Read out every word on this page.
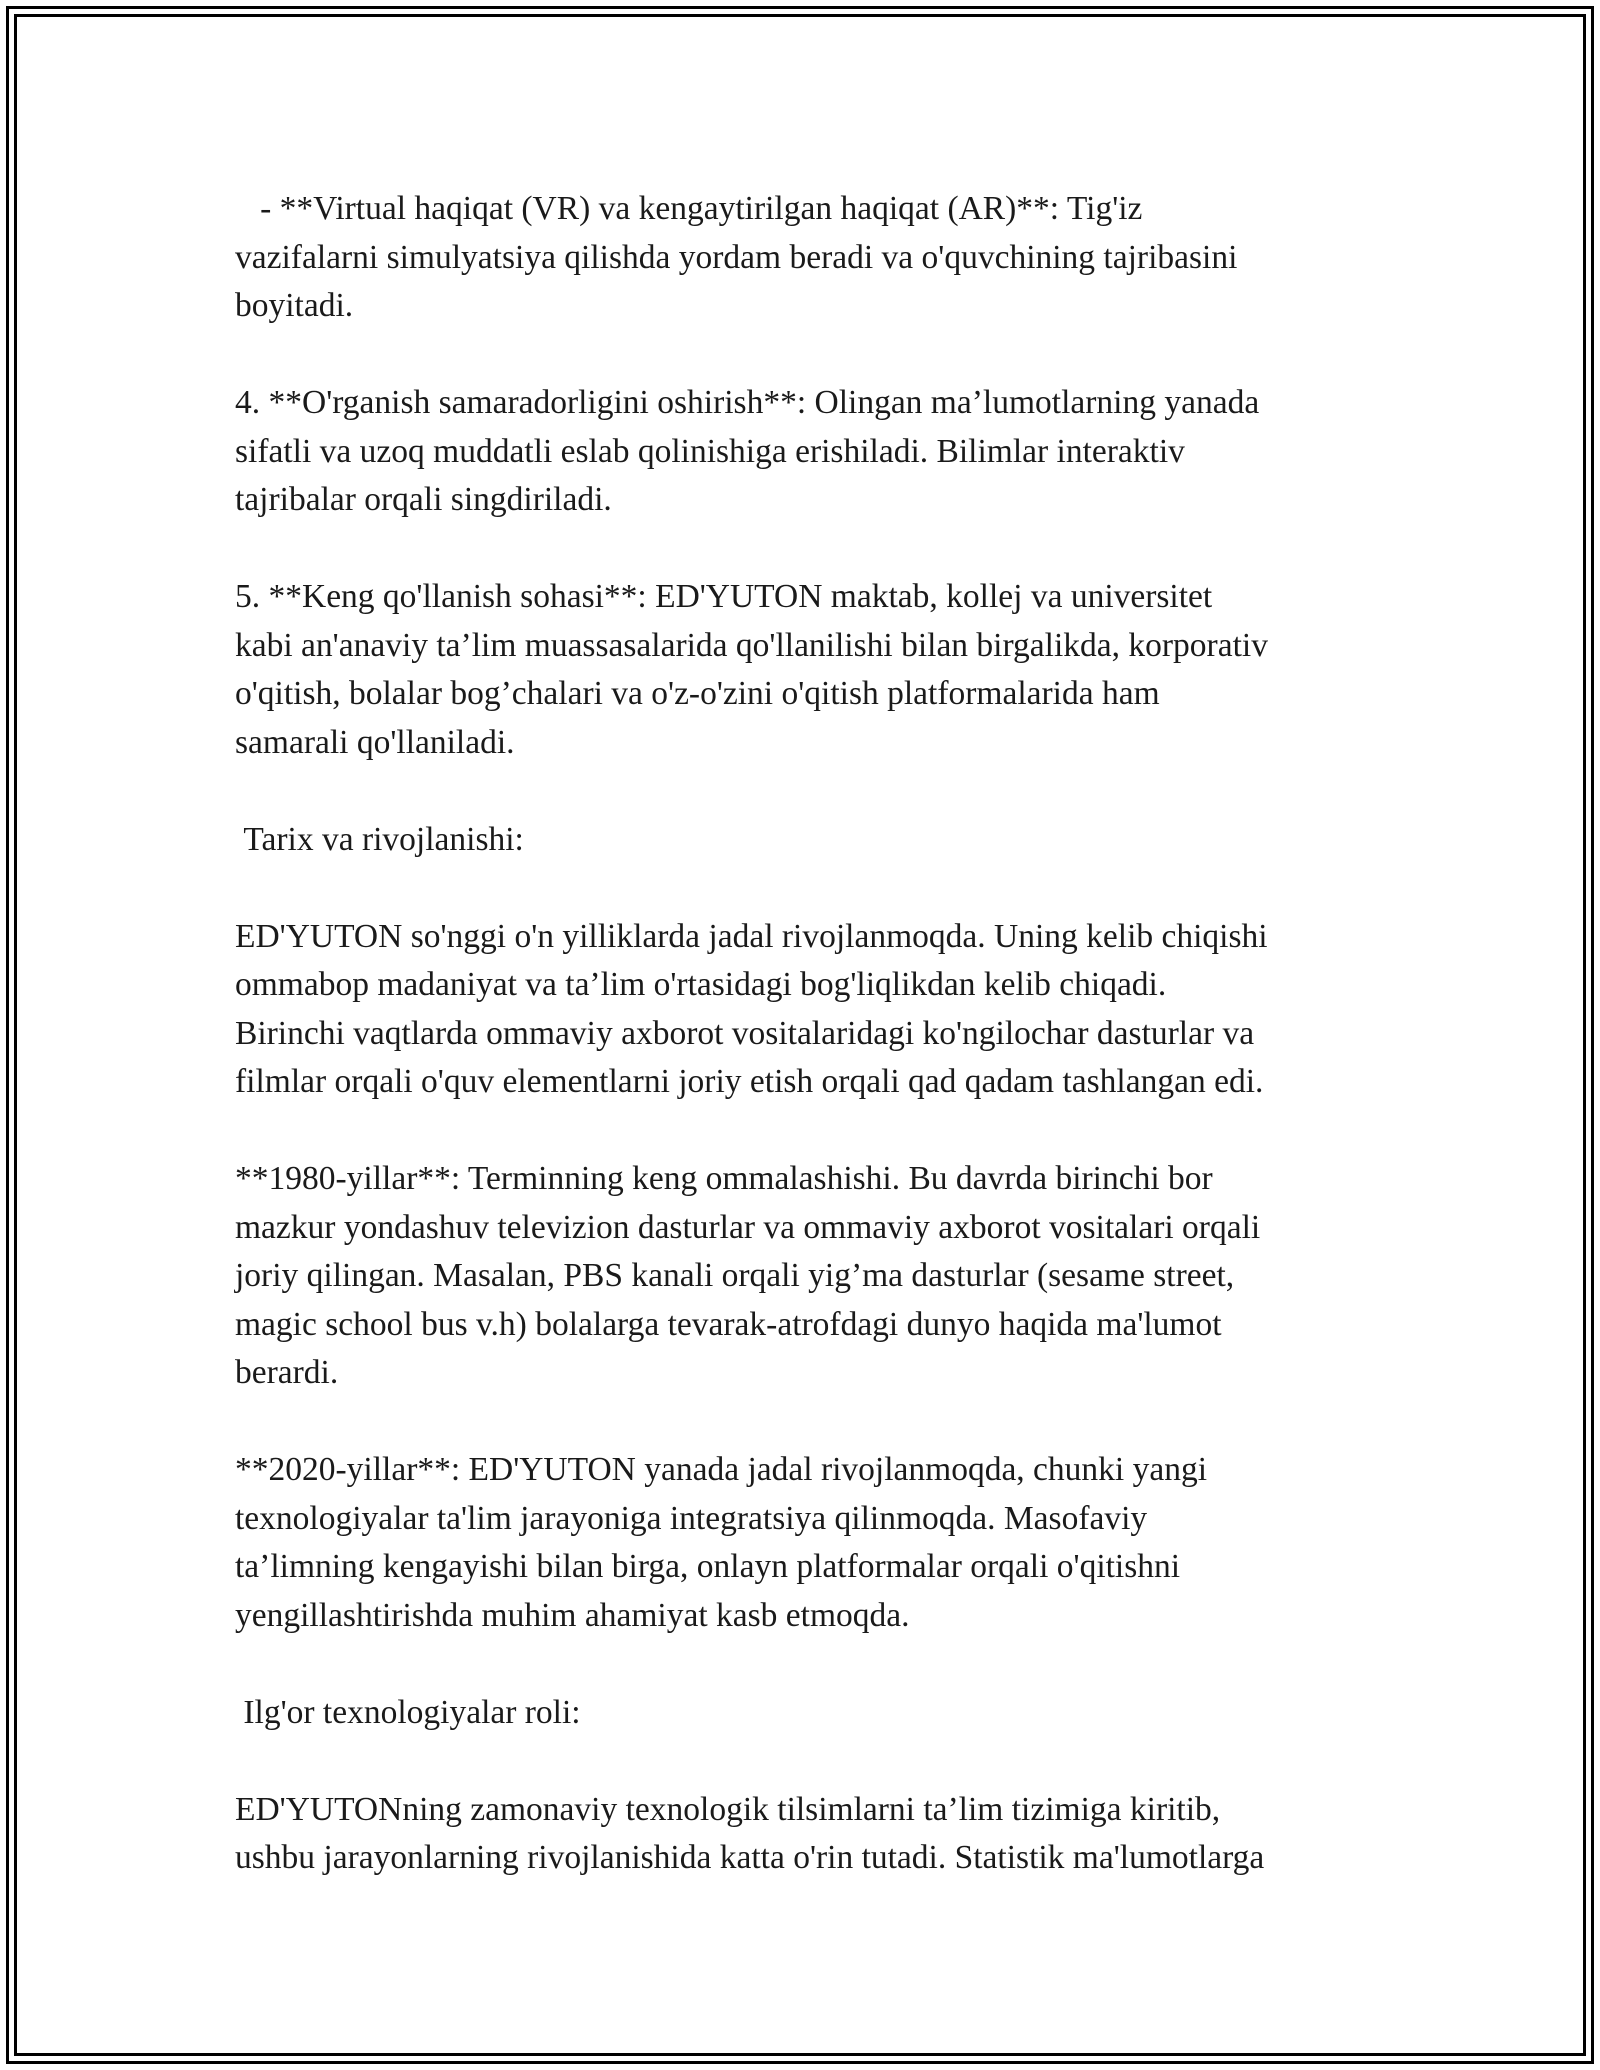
- **Virtual haqiqat (VR) va kengaytirilgan haqiqat (AR)**: Tig'iz
vazifalarni simulyatsiya qilishda yordam beradi va o'quvchining tajribasini
boyitadi.
4. **O'rganish samaradorligini oshirish**: Olingan ma’lumotlarning yanada
sifatli va uzoq muddatli eslab qolinishiga erishiladi. Bilimlar interaktiv
tajribalar orqali singdiriladi.
5. **Keng qo'llanish sohasi**: ED'YUTON maktab, kollej va universitet
kabi an'anaviy ta’lim muassasalarida qo'llanilishi bilan birgalikda, korporativ
o'qitish, bolalar bog’chalari va o'z-o'zini o'qitish platformalarida ham
samarali qo'llaniladi.
Tarix va rivojlanishi:
ED'YUTON so'nggi o'n yilliklarda jadal rivojlanmoqda. Uning kelib chiqishi
ommabop madaniyat va ta’lim o'rtasidagi bog'liqlikdan kelib chiqadi.
Birinchi vaqtlarda ommaviy axborot vositalaridagi ko'ngilochar dasturlar va
filmlar orqali o'quv elementlarni joriy etish orqali qad qadam tashlangan edi.
**1980-yillar**: Terminning keng ommalashishi. Bu davrda birinchi bor
mazkur yondashuv televizion dasturlar va ommaviy axborot vositalari orqali
joriy qilingan. Masalan, PBS kanali orqali yig’ma dasturlar (sesame street,
magic school bus v.h) bolalarga tevarak-atrofdagi dunyo haqida ma'lumot
berardi.
**2020-yillar**: ED'YUTON yanada jadal rivojlanmoqda, chunki yangi
texnologiyalar ta'lim jarayoniga integratsiya qilinmoqda. Masofaviy
ta’limning kengayishi bilan birga, onlayn platformalar orqali o'qitishni
yengillashtirishda muhim ahamiyat kasb etmoqda.
Ilg'or texnologiyalar roli:
ED'YUTONning zamonaviy texnologik tilsimlarni ta’lim tizimiga kiritib,
ushbu jarayonlarning rivojlanishida katta o'rin tutadi. Statistik ma'lumotlarga
